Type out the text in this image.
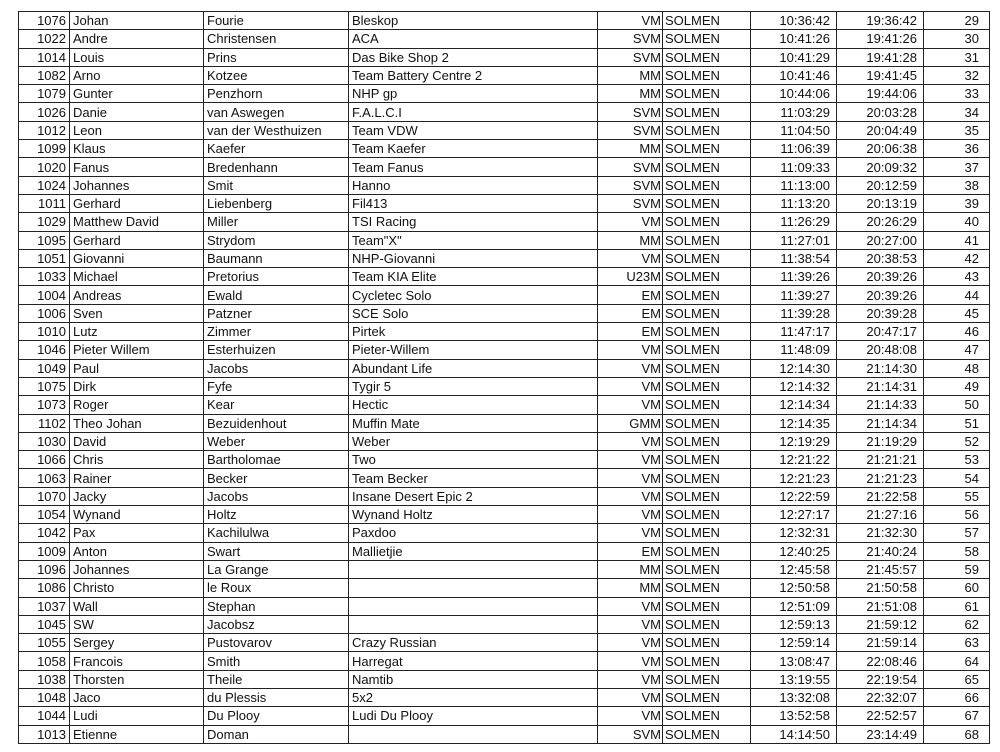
1076	Johan	Fourie	Bleskop	VM	SOLMEN	10:36:42	19:36:42	29
1022	Andre	Christensen	ACA	SVM	SOLMEN	10:41:26	19:41:26	30
1014	Louis	Prins	Das Bike Shop 2	SVM	SOLMEN	10:41:29	19:41:28	31
1082	Arno	Kotzee	Team Battery Centre 2	MM	SOLMEN	10:41:46	19:41:45	32
1079	Gunter	Penzhorn	NHP gp	MM	SOLMEN	10:44:06	19:44:06	33
1026	Danie	van Aswegen	F.A.L.C.I	SVM	SOLMEN	11:03:29	20:03:28	34
1012	Leon	van der Westhuizen	Team VDW	SVM	SOLMEN	11:04:50	20:04:49	35
1099	Klaus	Kaefer	Team Kaefer	MM	SOLMEN	11:06:39	20:06:38	36
1020	Fanus	Bredenhann	Team Fanus	SVM	SOLMEN	11:09:33	20:09:32	37
1024	Johannes	Smit	Hanno	SVM	SOLMEN	11:13:00	20:12:59	38
1011	Gerhard	Liebenberg	Fil413	SVM	SOLMEN	11:13:20	20:13:19	39
1029	Matthew David	Miller	TSI Racing	VM	SOLMEN	11:26:29	20:26:29	40
1095	Gerhard	Strydom	Team"X"	MM	SOLMEN	11:27:01	20:27:00	41
1051	Giovanni	Baumann	NHP-Giovanni	VM	SOLMEN	11:38:54	20:38:53	42
1033	Michael	Pretorius	Team KIA Elite	U23M	SOLMEN	11:39:26	20:39:26	43
1004	Andreas	Ewald	Cycletec Solo	EM	SOLMEN	11:39:27	20:39:26	44
1006	Sven	Patzner	SCE Solo	EM	SOLMEN	11:39:28	20:39:28	45
1010	Lutz	Zimmer	Pirtek	EM	SOLMEN	11:47:17	20:47:17	46
1046	Pieter Willem	Esterhuizen	Pieter-Willem	VM	SOLMEN	11:48:09	20:48:08	47
1049	Paul	Jacobs	Abundant Life	VM	SOLMEN	12:14:30	21:14:30	48
1075	Dirk	Fyfe	Tygir 5	VM	SOLMEN	12:14:32	21:14:31	49
1073	Roger	Kear	Hectic	VM	SOLMEN	12:14:34	21:14:33	50
1102	Theo Johan	Bezuidenhout	Muffin Mate	GMM	SOLMEN	12:14:35	21:14:34	51
1030	David	Weber	Weber	VM	SOLMEN	12:19:29	21:19:29	52
1066	Chris	Bartholomae	Two	VM	SOLMEN	12:21:22	21:21:21	53
1063	Rainer	Becker	Team Becker	VM	SOLMEN	12:21:23	21:21:23	54
1070	Jacky	Jacobs	Insane Desert Epic 2	VM	SOLMEN	12:22:59	21:22:58	55
1054	Wynand	Holtz	Wynand Holtz	VM	SOLMEN	12:27:17	21:27:16	56
1042	Pax	Kachilulwa	Paxdoo	VM	SOLMEN	12:32:31	21:32:30	57
1009	Anton	Swart	Mallietjie	EM	SOLMEN	12:40:25	21:40:24	58
1096	Johannes	La Grange		MM	SOLMEN	12:45:58	21:45:57	59
1086	Christo	le Roux		MM	SOLMEN	12:50:58	21:50:58	60
1037	Wall	Stephan		VM	SOLMEN	12:51:09	21:51:08	61
1045	SW	Jacobsz		VM	SOLMEN	12:59:13	21:59:12	62
1055	Sergey	Pustovarov	Crazy Russian	VM	SOLMEN	12:59:14	21:59:14	63
1058	Francois	Smith	Harregat	VM	SOLMEN	13:08:47	22:08:46	64
1038	Thorsten	Theile	Namtib	VM	SOLMEN	13:19:55	22:19:54	65
1048	Jaco	du Plessis	5x2	VM	SOLMEN	13:32:08	22:32:07	66
1044	Ludi	Du Plooy	Ludi Du Plooy	VM	SOLMEN	13:52:58	22:52:57	67
1013	Etienne	Doman		SVM	SOLMEN	14:14:50	23:14:49	68
